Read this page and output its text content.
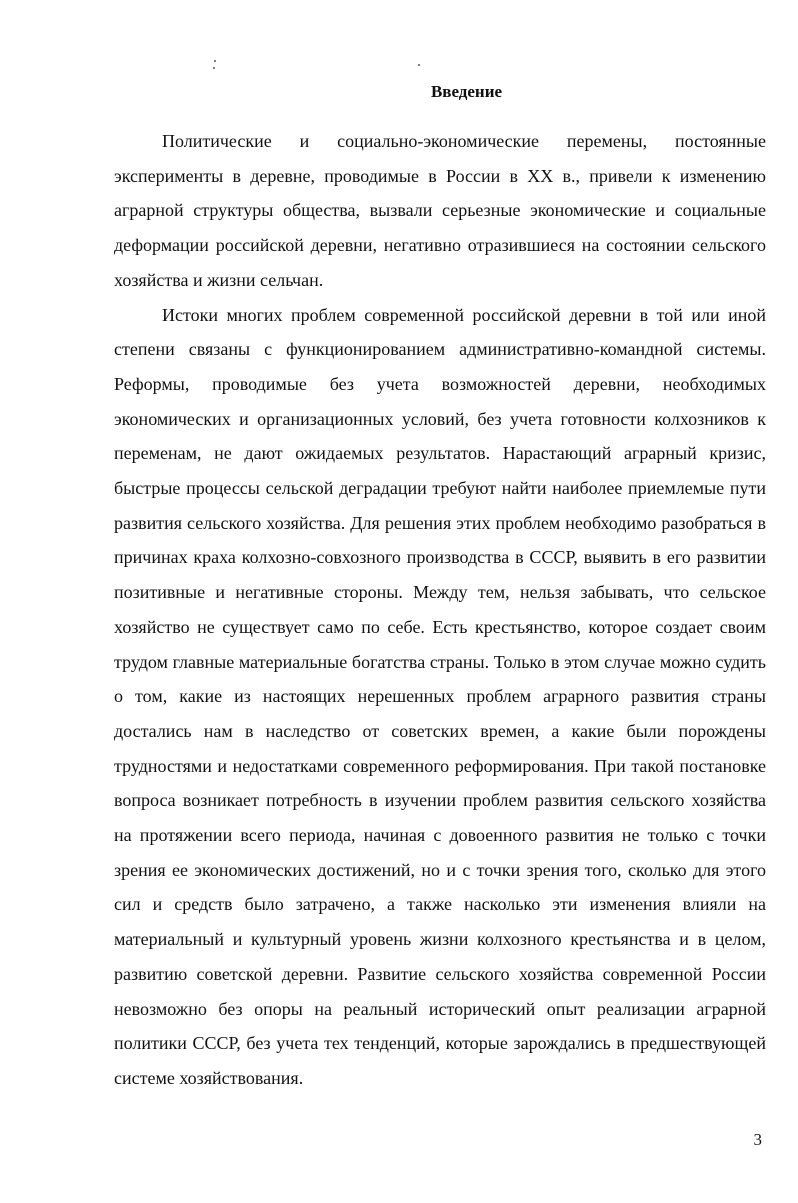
Введение

Политические и социально-экономические перемены, постоянные эксперименты в деревне, проводимые в России в XX в., привели к изменению аграрной структуры общества, вызвали серьезные экономические и социальные деформации российской деревни, негативно отразившиеся на состоянии сельского хозяйства и жизни сельчан.

Истоки многих проблем современной российской деревни в той или иной степени связаны с функционированием административно-командной системы. Реформы, проводимые без учета возможностей деревни, необходимых экономических и организационных условий, без учета готовности колхозников к переменам, не дают ожидаемых результатов. Нарастающий аграрный кризис, быстрые процессы сельской деградации требуют найти наиболее приемлемые пути развития сельского хозяйства. Для решения этих проблем необходимо разобраться в причинах краха колхозно-совхозного производства в СССР, выявить в его развитии позитивные и негативные стороны. Между тем, нельзя забывать, что сельское хозяйство не существует само по себе. Есть крестьянство, которое создает своим трудом главные материальные богатства страны. Только в этом случае можно судить о том, какие из настоящих нерешенных проблем аграрного развития страны достались нам в наследство от советских времен, а какие были порождены трудностями и недостатками современного реформирования. При такой постановке вопроса возникает потребность в изучении проблем развития сельского хозяйства на протяжении всего периода, начиная с довоенного развития не только с точки зрения ее экономических достижений, но и с точки зрения того, сколько для этого сил и средств было затрачено, а также насколько эти изменения влияли на материальный и культурный уровень жизни колхозного крестьянства и в целом, развитию советской деревни. Развитие сельского хозяйства современной России невозможно без опоры на реальный исторический опыт реализации аграрной политики СССР, без учета тех тенденций, которые зарождались в предшествующей системе хозяйствования.

3
